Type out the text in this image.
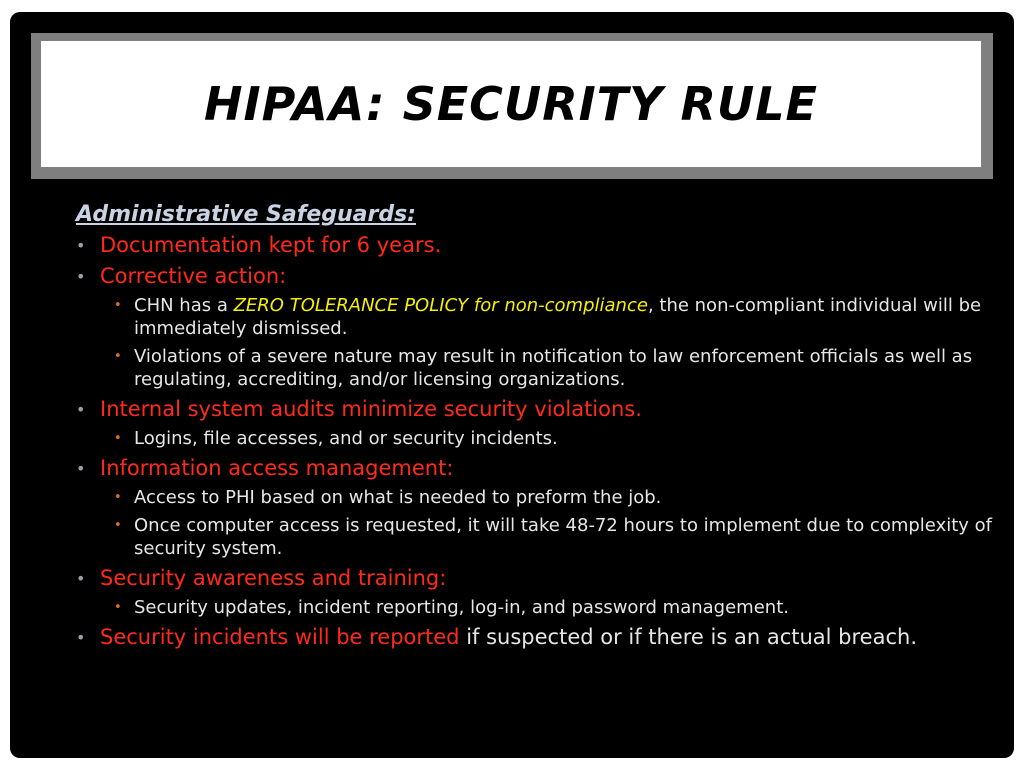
HIPAA: SECURITY RULE
Administrative Safeguards:
• Documentation kept for 6 years.
• Corrective action:
• CHN has a ZERO TOLERANCE POLICY for non-compliance, the non-compliant individual will be immediately dismissed.
• Violations of a severe nature may result in notification to law enforcement officials as well as regulating, accrediting, and/or licensing organizations.
• Internal system audits minimize security violations.
• Logins, file accesses, and or security incidents.
• Information access management:
• Access to PHI based on what is needed to preform the job.
• Once computer access is requested, it will take 48-72 hours to implement due to complexity of security system.
• Security awareness and training:
• Security updates, incident reporting, log-in, and password management.
• Security incidents will be reported if suspected or if there is an actual breach.
